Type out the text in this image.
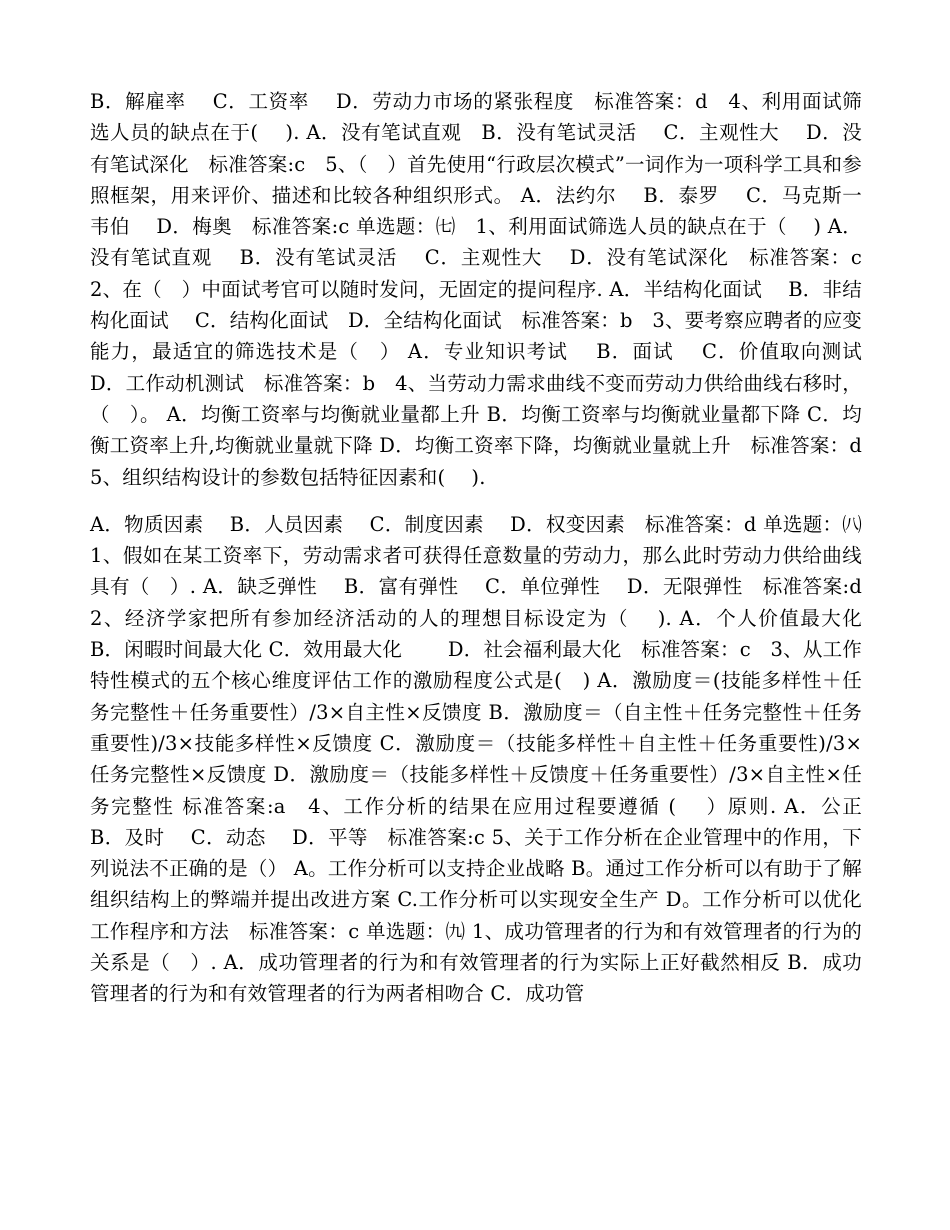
B．解雇率　 C．工资率　 D．劳动力市场的紧张程度　标准答案：d　4、利用面试筛选人员的缺点在于(　 ). A．没有笔试直观　B．没有笔试灵活　 C．主观性大　 D．没有笔试深化　标准答案:c　5、（　）首先使用“行政层次模式”一词作为一项科学工具和参照框架，用来评价、描述和比较各种组织形式。 A．法约尔　 B．泰罗　 C．马克斯一韦伯　 D．梅奥　标准答案:c 单选题：㈦　1、利用面试筛选人员的缺点在于（　 ) A．没有笔试直观　 B．没有笔试灵活　 C．主观性大　 D．没有笔试深化　标准答案：c　2、在（　）中面试考官可以随时发问，无固定的提问程序. A．半结构化面试　 B．非结构化面试　 C．结构化面试　D．全结构化面试　标准答案：b　3、要考察应聘者的应变能力，最适宜的筛选技术是（　） A．专业知识考试　 B．面试　 C．价值取向测试　 D．工作动机测试　标准答案：b　4、当劳动力需求曲线不变而劳动力供给曲线右移时，（　）。 A．均衡工资率与均衡就业量都上升 B．均衡工资率与均衡就业量都下降 C．均衡工资率上升,均衡就业量就下降 D．均衡工资率下降，均衡就业量就上升　标准答案：d　5、组织结构设计的参数包括特征因素和(　 ).

A．物质因素　 B．人员因素　 C．制度因素　 D．权变因素　标准答案：d 单选题：㈧　1、假如在某工资率下，劳动需求者可获得任意数量的劳动力，那么此时劳动力供给曲线具有（　）. A．缺乏弹性　 B．富有弹性　 C．单位弹性　 D．无限弹性　标准答案:d　2、经济学家把所有参加经济活动的人的理想目标设定为（　 ). A．个人价值最大化　B．闲暇时间最大化 C．效用最大化　　 D．社会福利最大化　标准答案：c　3、从工作特性模式的五个核心维度评估工作的激励程度公式是(　) A．激励度＝(技能多样性＋任务完整性＋任务重要性）/3×自主性×反馈度 B．激励度＝（自主性＋任务完整性＋任务重要性)/3×技能多样性×反馈度 C．激励度＝（技能多样性＋自主性＋任务重要性)/3×任务完整性×反馈度 D．激励度＝（技能多样性＋反馈度＋任务重要性）/3×自主性×任务完整性 标准答案:a　4、工作分析的结果在应用过程要遵循 (　 ）原则. A．公正　 B．及时　 C．动态　 D．平等　标准答案:c 5、关于工作分析在企业管理中的作用，下列说法不正确的是（） A。工作分析可以支持企业战略 B。通过工作分析可以有助于了解组织结构上的弊端并提出改进方案 C.工作分析可以实现安全生产 D。工作分析可以优化工作程序和方法　标准答案：c 单选题：㈨ 1、成功管理者的行为和有效管理者的行为的关系是（　）. A．成功管理者的行为和有效管理者的行为实际上正好截然相反 B．成功管理者的行为和有效管理者的行为两者相吻合 C．成功管
